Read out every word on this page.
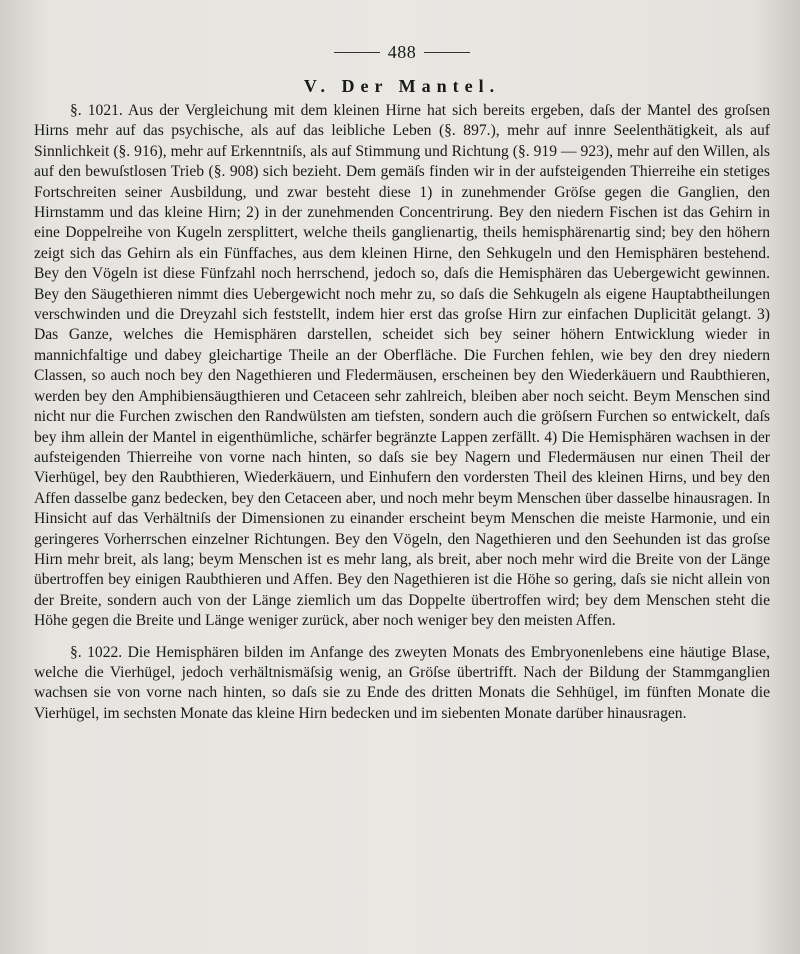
488
V. Der Mantel.

§. 1021. Aus der Vergleichung mit dem kleinen Hirne hat sich bereits ergeben, daſs der Mantel des groſsen Hirns mehr auf das psychische, als auf das leibliche Leben (§. 897.), mehr auf innre Seelenthätigkeit, als auf Sinnlichkeit (§. 916), mehr auf Erkenntniſs, als auf Stimmung und Richtung (§. 919 — 923), mehr auf den Willen, als auf den bewuſstlosen Trieb (§. 908) sich bezieht. Dem gemäſs finden wir in der aufsteigenden Thierreihe ein stetiges Fortschreiten seiner Ausbildung, und zwar besteht diese 1) in zunehmender Gröſse gegen die Ganglien, den Hirnstamm und das kleine Hirn; 2) in der zunehmenden Concentrirung. Bey den niedern Fischen ist das Gehirn in eine Doppelreihe von Kugeln zersplittert, welche theils ganglienartig, theils hemisphärenartig sind; bey den höhern zeigt sich das Gehirn als ein Fünffaches, aus dem kleinen Hirne, den Sehkugeln und den Hemisphären bestehend. Bey den Vögeln ist diese Fünfzahl noch herrschend, jedoch so, daſs die Hemisphären das Uebergewicht gewinnen. Bey den Säugethieren nimmt dies Uebergewicht noch mehr zu, so daſs die Sehkugeln als eigene Hauptabtheilungen verschwinden und die Dreyzahl sich feststellt, indem hier erst das groſse Hirn zur einfachen Duplicität gelangt. 3) Das Ganze, welches die Hemisphären darstellen, scheidet sich bey seiner höhern Entwicklung wieder in mannichfaltige und dabey gleichartige Theile an der Oberfläche. Die Furchen fehlen, wie bey den drey niedern Classen, so auch noch bey den Nagethieren und Fledermäusen, erscheinen bey den Wiederkäuern und Raubthieren, werden bey den Amphibiensäugthieren und Cetaceen sehr zahlreich, bleiben aber noch seicht. Beym Menschen sind nicht nur die Furchen zwischen den Randwülsten am tiefsten, sondern auch die gröſsern Furchen so entwickelt, daſs bey ihm allein der Mantel in eigenthümliche, schärfer begränzte Lappen zerfällt. 4) Die Hemisphären wachsen in der aufsteigenden Thierreihe von vorne nach hinten, so daſs sie bey Nagern und Fledermäusen nur einen Theil der Vierhügel, bey den Raubthieren, Wiederkäuern, und Einhufern den vordersten Theil des kleinen Hirns, und bey den Affen dasselbe ganz bedecken, bey den Cetaceen aber, und noch mehr beym Menschen über dasselbe hinausragen. In Hinsicht auf das Verhältniſs der Dimensionen zu einander erscheint beym Menschen die meiste Harmonie, und ein geringeres Vorherrschen einzelner Richtungen. Bey den Vögeln, den Nagethieren und den Seehunden ist das groſse Hirn mehr breit, als lang; beym Menschen ist es mehr lang, als breit, aber noch mehr wird die Breite von der Länge übertroffen bey einigen Raubthieren und Affen. Bey den Nagethieren ist die Höhe so gering, daſs sie nicht allein von der Breite, sondern auch von der Länge ziemlich um das Doppelte übertroffen wird; bey dem Menschen steht die Höhe gegen die Breite und Länge weniger zurück, aber noch weniger bey den meisten Affen.

§. 1022. Die Hemisphären bilden im Anfange des zweyten Monats des Embryonenlebens eine häutige Blase, welche die Vierhügel, jedoch verhältnismäſsig wenig, an Gröſse übertrifft. Nach der Bildung der Stammganglien wachsen sie von vorne nach hinten, so daſs sie zu Ende des dritten Monats die Sehhügel, im fünften Monate die Vierhügel, im sechsten Monate das kleine Hirn bedecken und im siebenten Monate darüber hinausragen.
